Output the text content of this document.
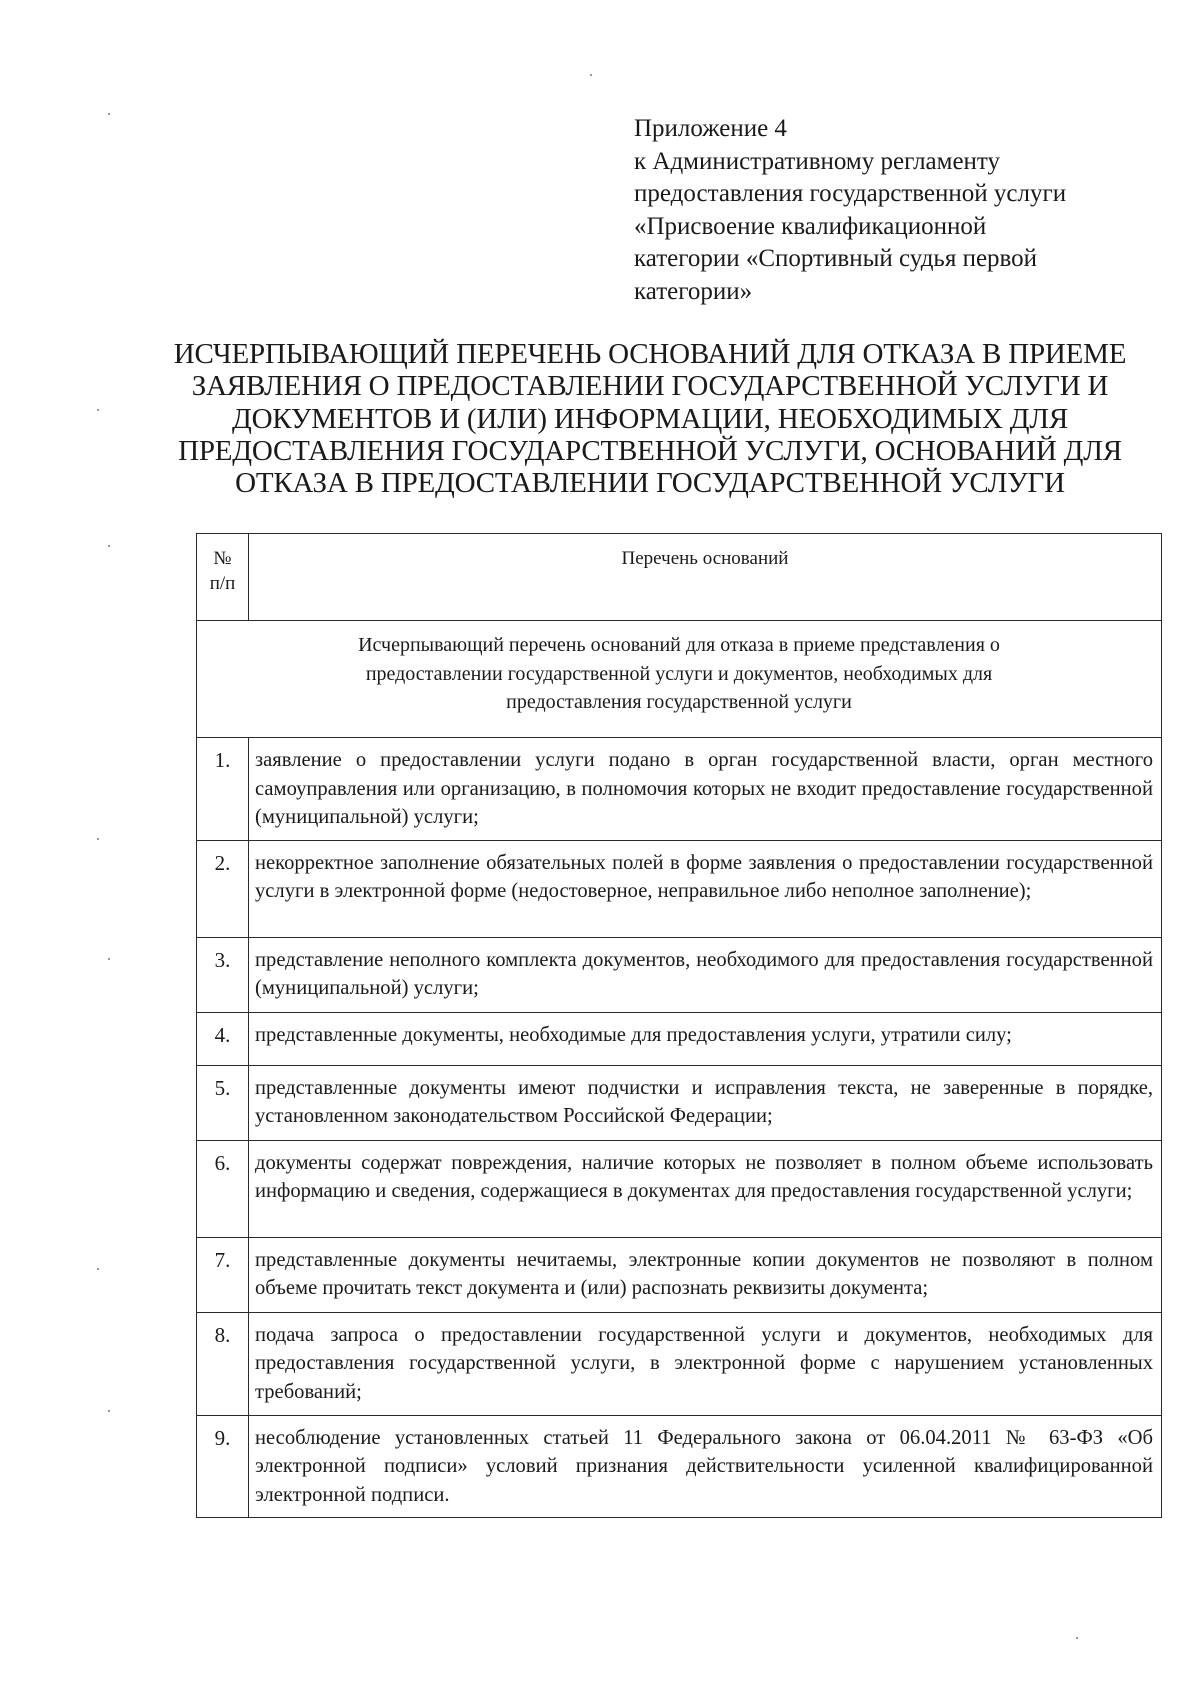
Приложение 4
к Административному регламенту
предоставления государственной услуги
«Присвоение квалификационной
категории «Спортивный судья первой
категории»
ИСЧЕРПЫВАЮЩИЙ ПЕРЕЧЕНЬ ОСНОВАНИЙ ДЛЯ ОТКАЗА В ПРИЕМЕ
ЗАЯВЛЕНИЯ О ПРЕДОСТАВЛЕНИИ ГОСУДАРСТВЕННОЙ УСЛУГИ И
ДОКУМЕНТОВ И (ИЛИ) ИНФОРМАЦИИ, НЕОБХОДИМЫХ ДЛЯ
ПРЕДОСТАВЛЕНИЯ ГОСУДАРСТВЕННОЙ УСЛУГИ, ОСНОВАНИЙ ДЛЯ
ОТКАЗА В ПРЕДОСТАВЛЕНИИ ГОСУДАРСТВЕННОЙ УСЛУГИ
№
п/п	Перечень оснований

Исчерпывающий перечень оснований для отказа в приеме представления о
предоставлении государственной услуги и документов, необходимых для
предоставления государственной услуги	

1.	заявление о предоставлении услуги подано в орган государственной власти, орган местного самоуправления или организацию, в полномочия которых не входит предоставление государственной (муниципальной) услуги;
2.	некорректное заполнение обязательных полей в форме заявления о предоставлении государственной услуги в электронной форме (недостоверное, неправильное либо неполное заполнение);
3.	представление неполного комплекта документов, необходимого для предоставления государственной (муниципальной) услуги;
4.	представленные документы, необходимые для предоставления услуги, утратили силу;
5.	представленные документы имеют подчистки и исправления текста, не заверенные в порядке, установленном законодательством Российской Федерации;
6.	документы содержат повреждения, наличие которых не позволяет в полном объеме использовать информацию и сведения, содержащиеся в документах для предоставления государственной услуги;
7.	представленные документы нечитаемы, электронные копии документов не позволяют в полном объеме прочитать текст документа и (или) распознать реквизиты документа;
8.	подача запроса о предоставлении государственной услуги и документов, необходимых для предоставления государственной услуги, в электронной форме с нарушением установленных требований;
9.	несоблюдение установленных статьей 11 Федерального закона от 06.04.2011 № 63-ФЗ «Об электронной подписи» условий признания действительности усиленной квалифицированной электронной подписи.
